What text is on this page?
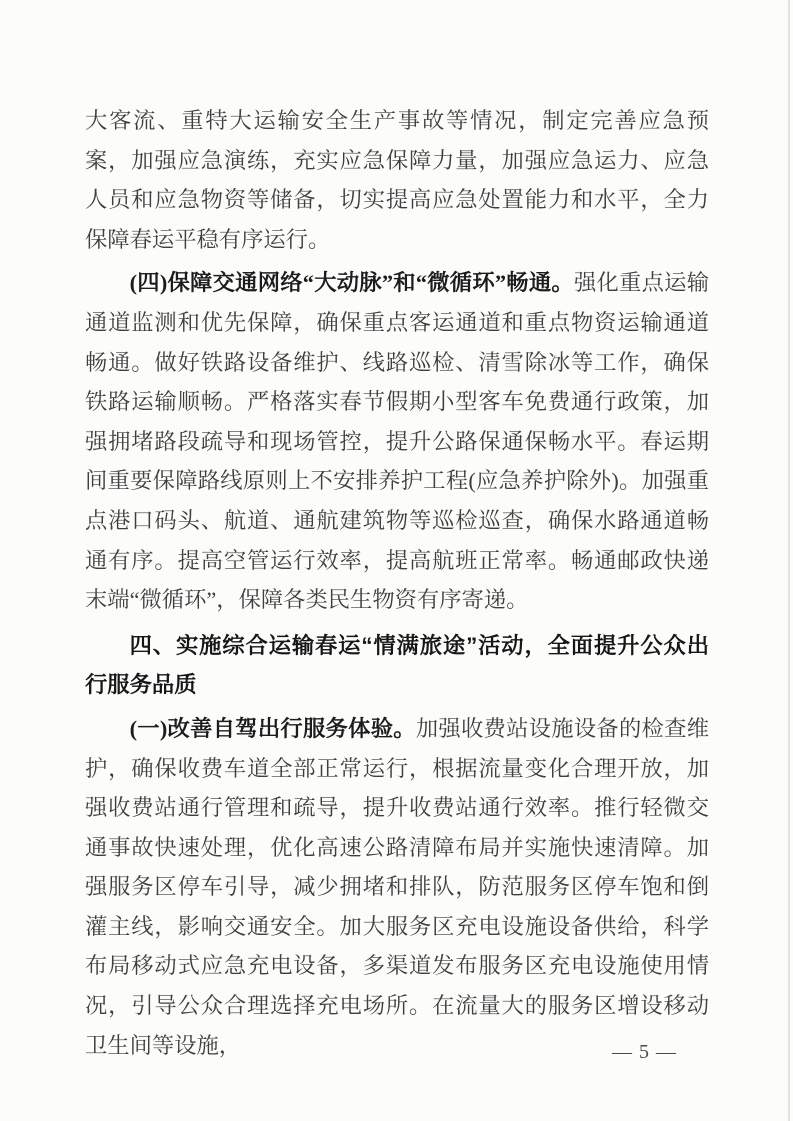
大客流、重特大运输安全生产事故等情况，制定完善应急预案，加强应急演练，充实应急保障力量，加强应急运力、应急人员和应急物资等储备，切实提高应急处置能力和水平，全力保障春运平稳有序运行。

(四)保障交通网络“大动脉”和“微循环”畅通。强化重点运输通道监测和优先保障，确保重点客运通道和重点物资运输通道畅通。做好铁路设备维护、线路巡检、清雪除冰等工作，确保铁路运输顺畅。严格落实春节假期小型客车免费通行政策，加强拥堵路段疏导和现场管控，提升公路保通保畅水平。春运期间重要保障路线原则上不安排养护工程(应急养护除外)。加强重点港口码头、航道、通航建筑物等巡检巡查，确保水路通道畅通有序。提高空管运行效率，提高航班正常率。畅通邮政快递末端“微循环”，保障各类民生物资有序寄递。

四、实施综合运输春运“情满旅途”活动，全面提升公众出行服务品质

(一)改善自驾出行服务体验。加强收费站设施设备的检查维护，确保收费车道全部正常运行，根据流量变化合理开放，加强收费站通行管理和疏导，提升收费站通行效率。推行轻微交通事故快速处理，优化高速公路清障布局并实施快速清障。加强服务区停车引导，减少拥堵和排队，防范服务区停车饱和倒灌主线，影响交通安全。加大服务区充电设施设备供给，科学布局移动式应急充电设备，多渠道发布服务区充电设施使用情况，引导公众合理选择充电场所。在流量大的服务区增设移动卫生间等设施，	— 5 —
